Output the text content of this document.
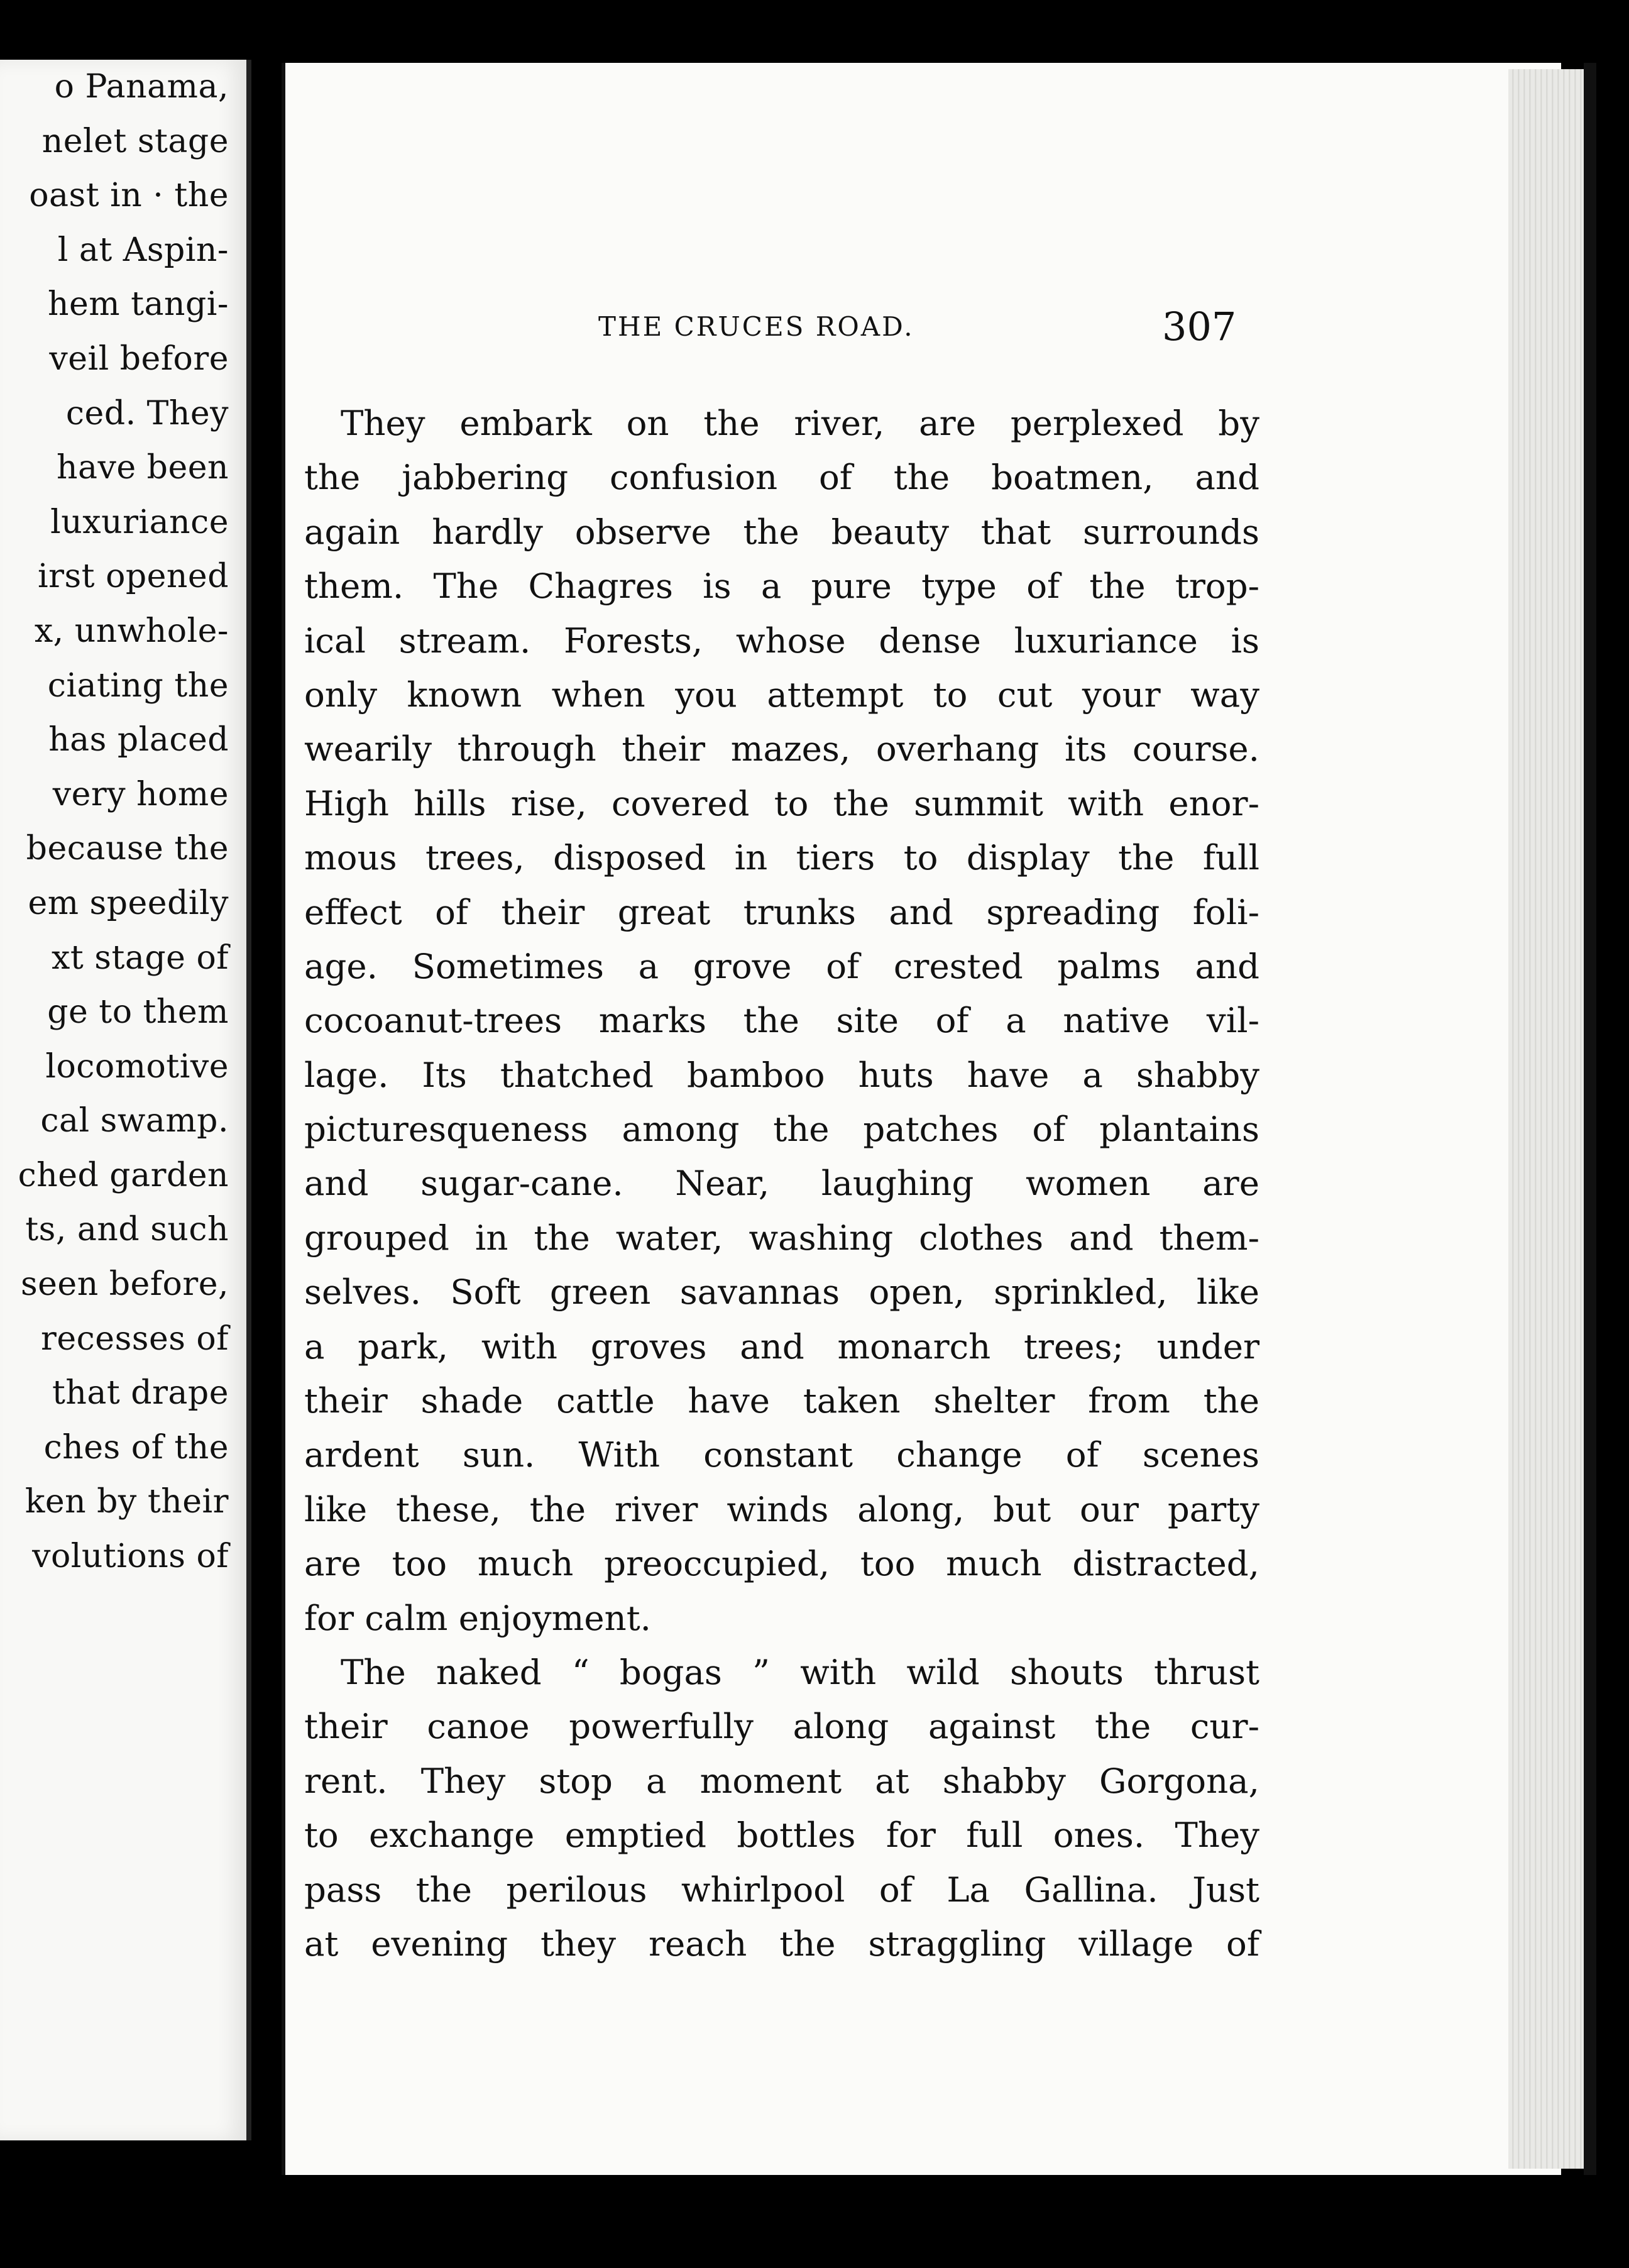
o Panama,
nelet stage
oast in · the
l at Aspin-
hem tangi-
veil before
ced. They
have been
luxuriance
irst opened
x, unwhole-
ciating the
has placed
very home
because the
em speedily
xt stage of
ge to them
locomotive
cal swamp.
ched garden
ts, and such
seen before,
recesses of
that drape
ches of the
ken by their
volutions of
THE CRUCES ROAD.	307
They embark on the river, are perplexed by
the jabbering confusion of the boatmen, and
again hardly observe the beauty that surrounds
them. The Chagres is a pure type of the trop-
ical stream. Forests, whose dense luxuriance is
only known when you attempt to cut your way
wearily through their mazes, overhang its course.
High hills rise, covered to the summit with enor-
mous trees, disposed in tiers to display the full
effect of their great trunks and spreading foli-
age. Sometimes a grove of crested palms and
cocoanut-trees marks the site of a native vil-
lage. Its thatched bamboo huts have a shabby
picturesqueness among the patches of plantains
and sugar-cane. Near, laughing women are
grouped in the water, washing clothes and them-
selves. Soft green savannas open, sprinkled, like
a park, with groves and monarch trees; under
their shade cattle have taken shelter from the
ardent sun. With constant change of scenes
like these, the river winds along, but our party
are too much preoccupied, too much distracted,
for calm enjoyment.
The naked “ bogas ” with wild shouts thrust
their canoe powerfully along against the cur-
rent. They stop a moment at shabby Gorgona,
to exchange emptied bottles for full ones. They
pass the perilous whirlpool of La Gallina. Just
at evening they reach the straggling village of
